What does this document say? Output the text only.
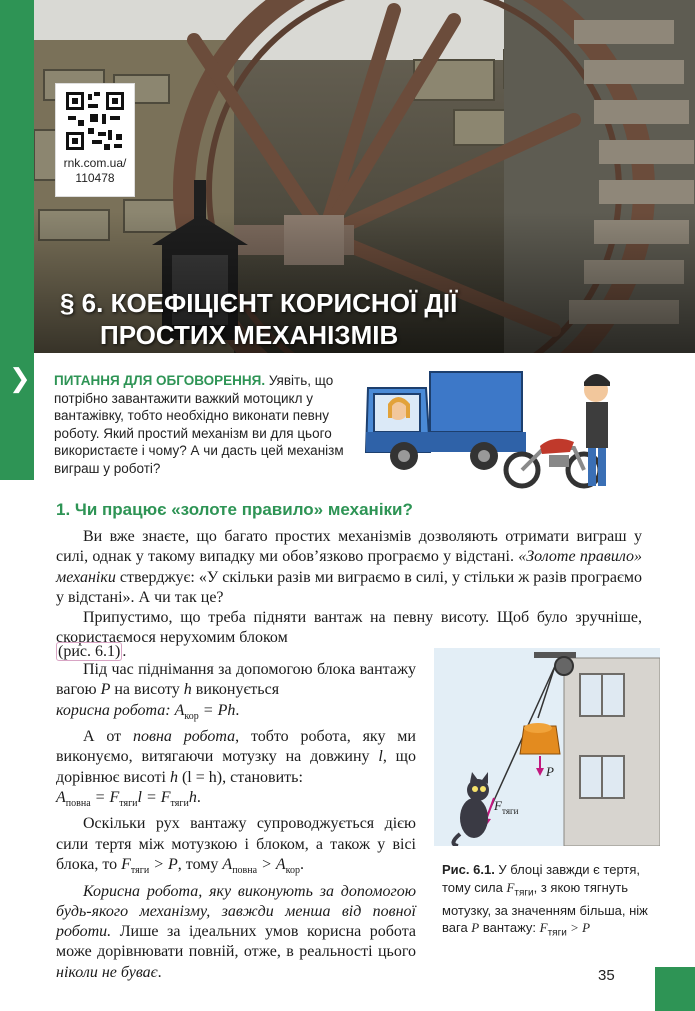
rnk.com.ua/
110478
§ 6. КОЕФІЦІЄНТ КОРИСНОЇ ДІЇ
ПРОСТИХ МЕХАНІЗМІВ
❯ ПИТАННЯ ДЛЯ ОБГОВОРЕННЯ. Уявіть, що потрібно завантажити важкий мотоцикл у вантажівку, тобто необхідно виконати певну роботу. Який простий механізм ви для цього використаєте і чому? А чи дасть цей механізм виграш у роботі?
1. Чи працює «золоте правило» механіки?

Ви вже знаєте, що багато простих механізмів дозволяють отримати виграш у силі, однак у такому випадку ми обов’язково програємо у відстані. «Золоте правило» механіки стверджує: «У скільки разів ми виграємо в силі, у стільки ж разів програємо у відстані». А чи так це?

Припустимо, що треба підняти вантаж на певну висоту. Щоб було зручніше, скористаємося нерухомим блоком

(рис. 6.1) .

Під час піднімання за допомогою блока вантажу вагою P на висоту h виконується
корисна робота: $A_{кор} = Ph$.

А от повна робота, тобто робота, яку ми виконуємо, витягаючи мотузку на довжину l, що дорівнює висоті h (l = h), становить:
$A_{повна} = F_{тяги}l = F_{тяги}h$.

Оскільки рух вантажу супроводжується дією сили тертя між мотузкою і блоком, а також у вісі блока, то $F_{тяги} > P$, тому $A_{повна} > A_{кор}$.

Корисна робота, яку виконують за допомогою будь-якого механізму, завжди менша від повної роботи. Лише за ідеальних умов корисна робота може дорівнювати повній, отже, в реальності цього ніколи не буває.

P
F тяги
Рис. 6.1. У блоці завжди є тертя, тому сила $F_{тяги}$, з якою тягнуть мотузку, за значенням більша, ніж вага P вантажу: $F_{тяги} > P$
35
